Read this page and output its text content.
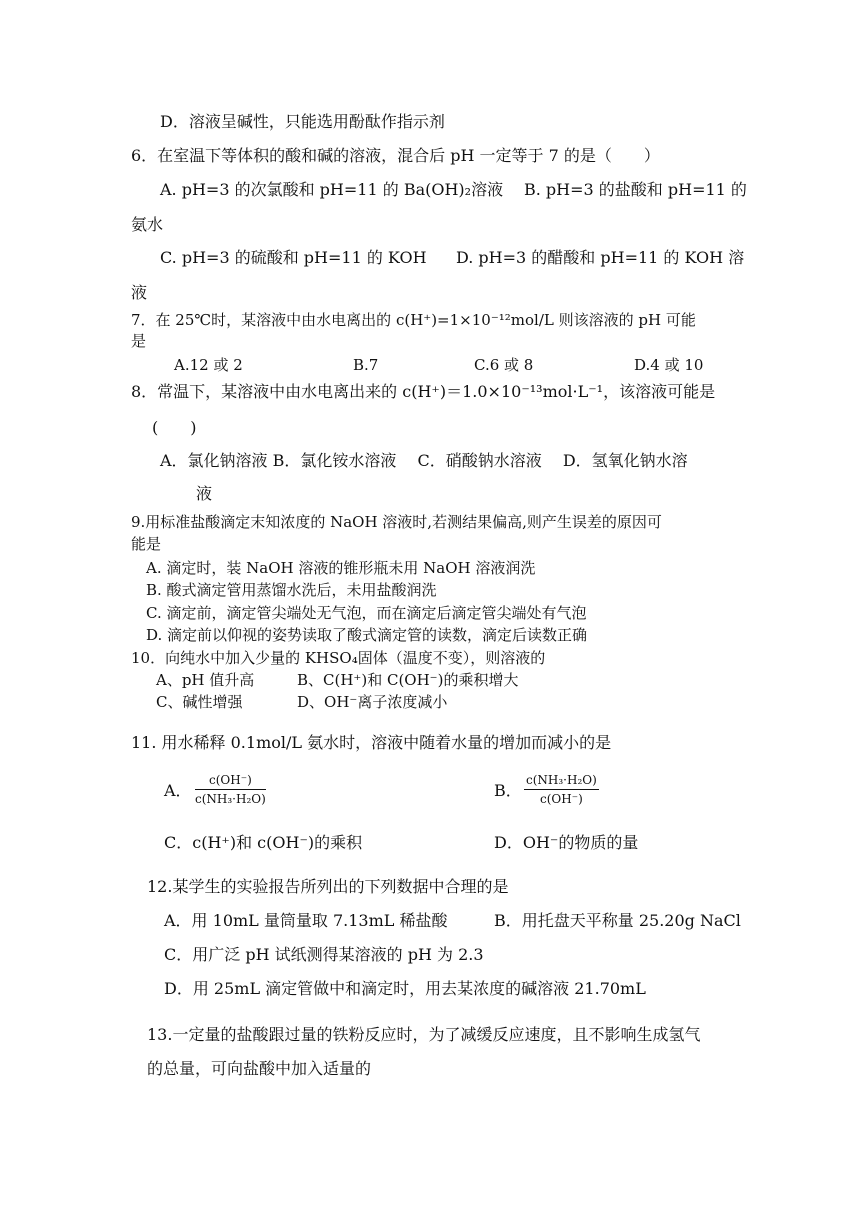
D．溶液呈碱性，只能选用酚酞作指示剂
6．在室温下等体积的酸和碱的溶液，混合后 pH 一定等于 7 的是（　　）
A. pH=3 的次氯酸和 pH=11 的 Ba(OH)₂溶液 B. pH=3 的盐酸和 pH=11 的
氨水
C. pH=3 的硫酸和 pH=11 的 KOH D. pH=3 的醋酸和 pH=11 的 KOH 溶
液
7．在 25℃时，某溶液中由水电离出的 c(H⁺)=1×10⁻¹²mol/L 则该溶液的 pH 可能
是
A.12 或 2	B.7	C.6 或 8	D.4 或 10
8．常温下，某溶液中由水电离出来的 c(H⁺)＝1.0×10⁻¹³mol·L⁻¹，该溶液可能是
(　　)
A．氯化钠溶液 B．氯化铵水溶液　 C．硝酸钠水溶液　 D．氢氧化钠水溶
液
9.用标准盐酸滴定末知浓度的 NaOH 溶液时,若测结果偏高,则产生误差的原因可
能是
A. 滴定时，装 NaOH 溶液的锥形瓶未用 NaOH 溶液润洗
B. 酸式滴定管用蒸馏水洗后，未用盐酸润洗
C. 滴定前，滴定管尖端处无气泡，而在滴定后滴定管尖端处有气泡
D. 滴定前以仰视的姿势读取了酸式滴定管的读数，滴定后读数正确
10．向纯水中加入少量的 KHSO₄固体（温度不变），则溶液的
A、pH 值升高	B、C(H⁺)和 C(OH⁻)的乘积增大
C、碱性增强	D、OH⁻离子浓度减小
11. 用水稀释 0.1mol/L 氨水时，溶液中随着水量的增加而减小的是
A． $\frac{c(OH^-)}{\text{c(NH₃·H₂O)}}$	B． $\frac{\text{c(NH₃·H₂O)}}{c(OH^-)}$
C．c(H⁺)和 c(OH⁻)的乘积	D．OH⁻的物质的量
12.某学生的实验报告所列出的下列数据中合理的是
A．用 10mL 量筒量取 7.13mL 稀盐酸	B．用托盘天平称量 25.20g NaCl
C．用广泛 pH 试纸测得某溶液的 pH 为 2.3
D．用 25mL 滴定管做中和滴定时，用去某浓度的碱溶液 21.70mL
13.一定量的盐酸跟过量的铁粉反应时，为了减缓反应速度，且不影响生成氢气
的总量，可向盐酸中加入适量的
